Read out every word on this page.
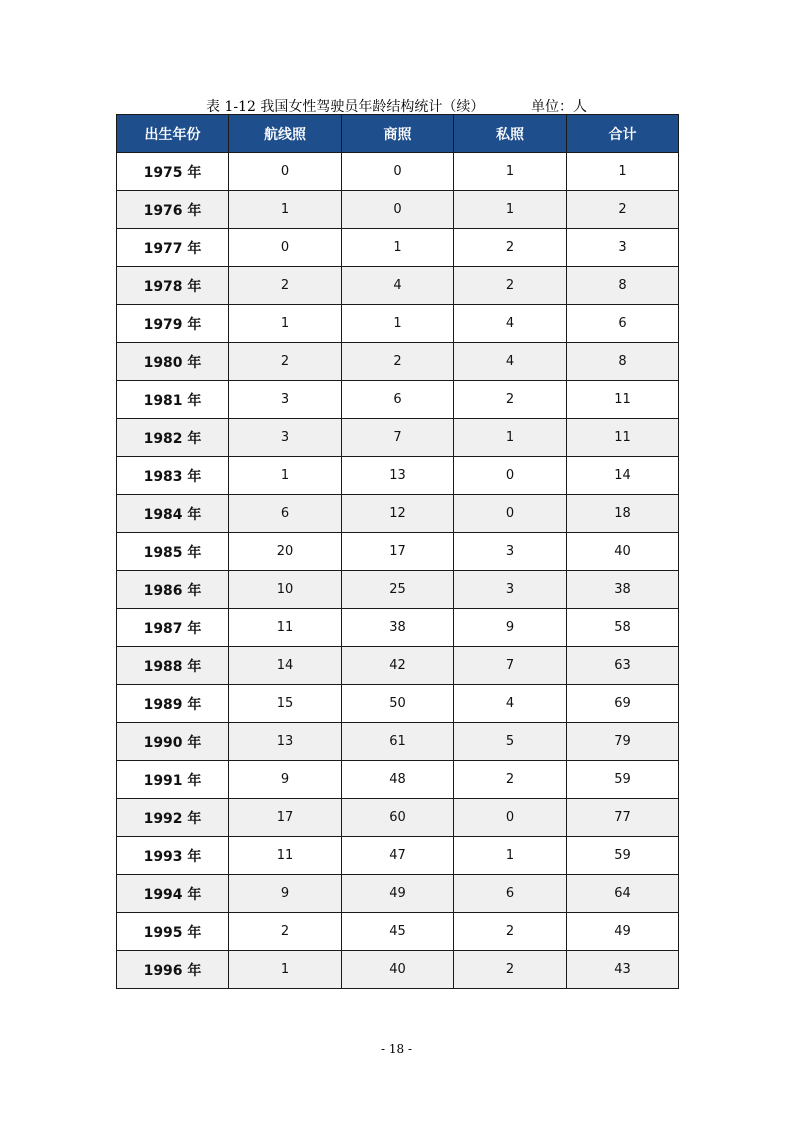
表 1-12 我国女性驾驶员年龄结构统计（续）	单位：人
出生年份	航线照	商照	私照	合计
1975 年	0	0	1	1
1976 年	1	0	1	2
1977 年	0	1	2	3
1978 年	2	4	2	8
1979 年	1	1	4	6
1980 年	2	2	4	8
1981 年	3	6	2	11
1982 年	3	7	1	11
1983 年	1	13	0	14
1984 年	6	12	0	18
1985 年	20	17	3	40
1986 年	10	25	3	38
1987 年	11	38	9	58
1988 年	14	42	7	63
1989 年	15	50	4	69
1990 年	13	61	5	79
1991 年	9	48	2	59
1992 年	17	60	0	77
1993 年	11	47	1	59
1994 年	9	49	6	64
1995 年	2	45	2	49
1996 年	1	40	2	43
- 18 -
